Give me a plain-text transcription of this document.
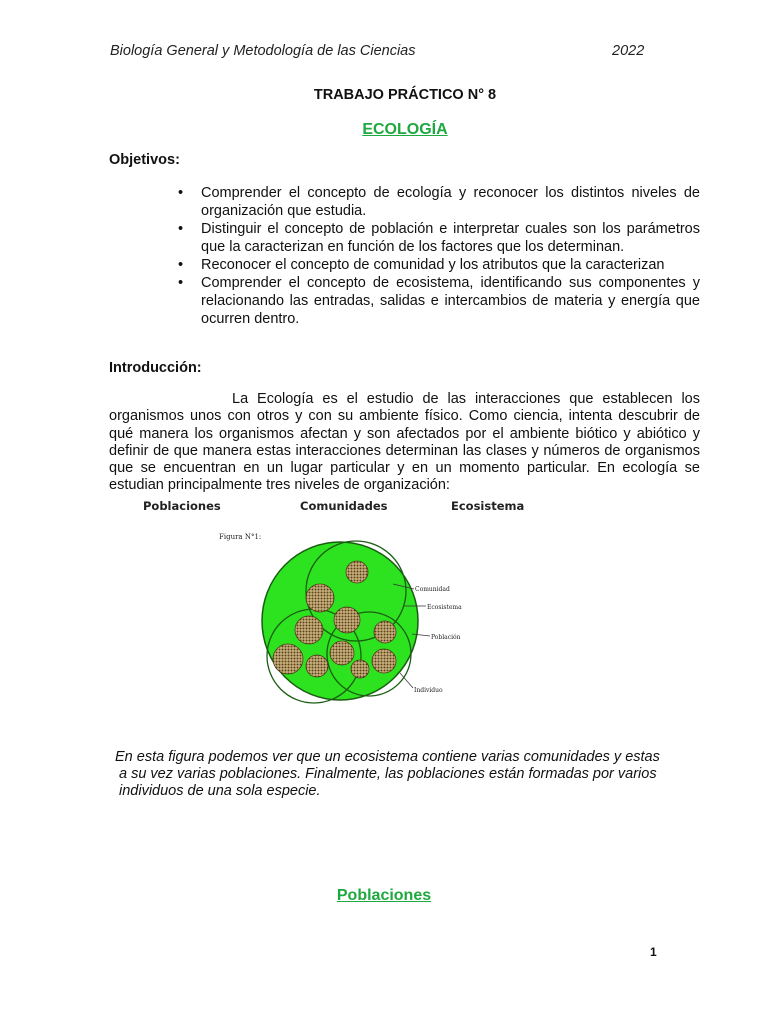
Biología General y Metodología de las Ciencias	2022
TRABAJO PRÁCTICO N° 8
ECOLOGÍA
Objetivos:
• Comprender el concepto de ecología y reconocer los distintos niveles de organización que estudia.
• Distinguir el concepto de población e interpretar cuales son los parámetros que la caracterizan en función de los factores que los determinan.
• Reconocer el concepto de comunidad y los atributos que la caracterizan
• Comprender el concepto de ecosistema, identificando sus componentes y relacionando las entradas, salidas e intercambios de materia y energía que ocurren dentro.
Introducción:
La Ecología es el estudio de las interacciones que establecen los organismos unos con otros y con su ambiente físico. Como ciencia, intenta descubrir de qué manera los organismos afectan y son afectados por el ambiente biótico y abiótico y definir de que manera estas interacciones determinan las clases y números de organismos que se encuentran en un lugar particular y en un momento particular. En ecología se estudian principalmente tres niveles de organización:
Poblaciones	Comunidades	Ecosistema
Figura N°1:
Comunidad
Ecosistema
Población
Individuo
En esta figura podemos ver que un ecosistema contiene varias comunidades y estas
a su vez varias poblaciones. Finalmente, las poblaciones están formadas por varios
individuos de una sola especie.
Poblaciones
1
